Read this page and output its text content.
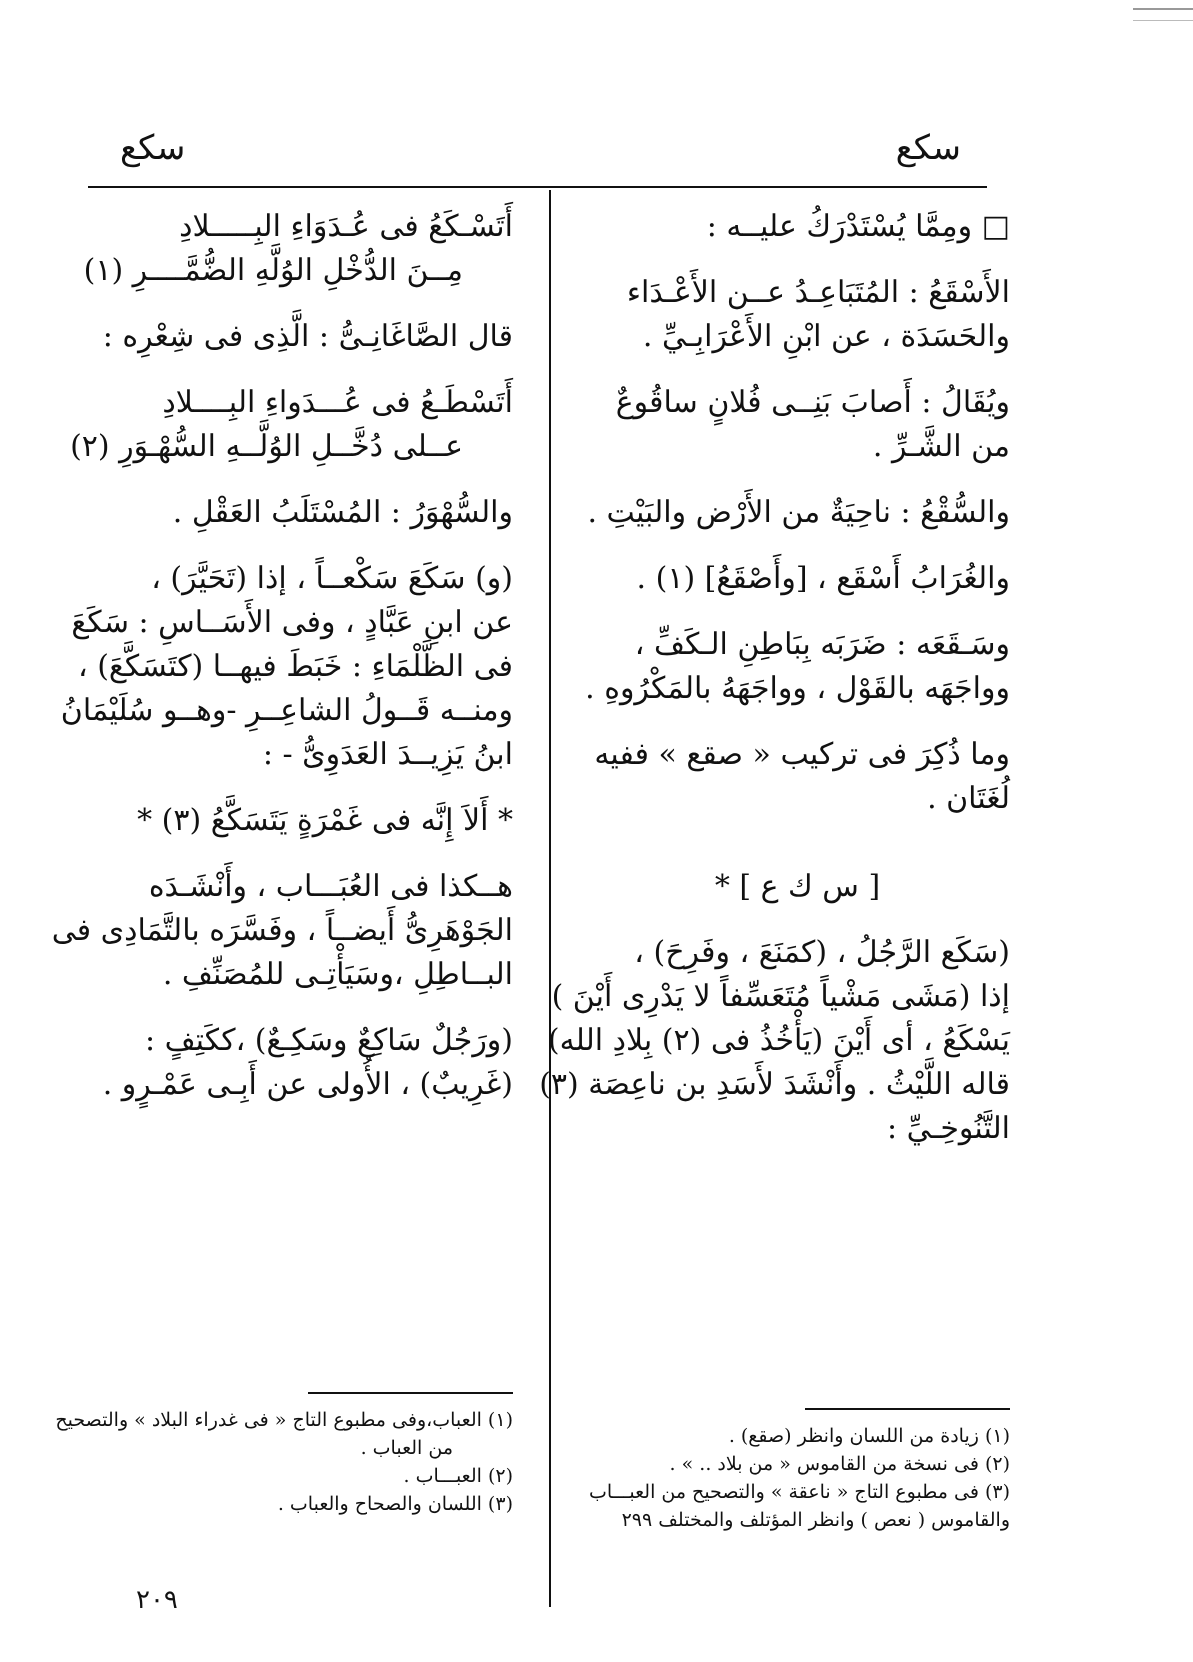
سكع
سكع
□ ومِمَّا يُسْتَدْرَكُ عليــه :
الأَسْقَعُ : المُتَبَاعِـدُ عــن الأَعْـدَاء
والحَسَدَة ، عن ابْنِ الأَعْرَابِـيِّ .
ويُقَالُ : أَصابَ بَنِــى فُلانٍ ساقُوعٌ
من الشَّـرِّ .
والسُّقْعُ : ناحِيَةٌ من الأَرْض والبَيْتِ .
والغُرَابُ أَسْقَع ، [وأَصْقَعُ] (١) .
وسَـقَعَه : ضَرَبَه بِبَاطِنِ الـكَفِّ ،
وواجَهَه بالقَوْل ، وواجَهَهُ بالمَكْرُوهِ .
وما ذُكِرَ فى تركيب « صقع » ففيه
لُغَتَان .
[ س ك ع ] *
(سَكَع الرَّجُلُ ، (كمَنَعَ ، وفَرِحَ) ،
إذا (مَشَى مَشْياً مُتَعَسِّفاً لا يَدْرِى أَيْنَ )
يَسْكَعُ ، أى أَيْنَ (يَأْخُذُ فى (٢) بِلادِ الله)
قاله اللَّيْثُ . وأَنْشَدَ لأَسَدِ بن ناعِصَة (٣)
التَّنُوخِـيِّ :
أَتَسْـكَعُ فى عُـدَوَاءِ البِـــــلادِ
مِــنَ الدُّخْلِ الوُلَّهِ الضُّمَّــــرِ (١)
قال الصَّاغَانِـىُّ : الَّذِى فى شِعْرِه :
أَتَسْطَـعُ فى عُـــدَواءِ البِــــلادِ
عــلى دُخَّــلِ الوُلَّــهِ السُّهْـوَرِ (٢)
والسُّهْوَرُ : المُسْتَلَبُ العَقْلِ .
(و) سَكَعَ سَكْعــاً ، إذا (تَحَيَّرَ) ،
عن ابنِ عَبَّادٍ ، وفى الأَسَــاسِ : سَكَعَ
فى الظَّلْمَاءِ : خَبَطَ فيهــا (كتَسَكَّعَ) ،
ومنــه قَــولُ الشاعِــرِ -وهــو سُلَيْمَانُ
ابنُ يَزِيــدَ العَدَوِىُّ - :
* أَلاَ إِنَّه فى غَمْرَةٍ يَتَسَكَّعُ (٣) *
هــكذا فى العُبَـــاب ، وأَنْشَـدَه
الجَوْهَرِىُّ أَيضــاً ، وفَسَّرَه بالتَّمَادِى فى
البــاطِلِ ،وسَيَأْتِـى للمُصَنِّفِ .
(ورَجُلٌ سَاكِعٌ وسَكِـعٌ) ،ككَتِفٍ :
(غَرِيبٌ) ، الأُولى عن أَبِـى عَمْـرٍو .
(١) زيادة من اللسان وانظر (صقع) .
(٢) فى نسخة من القاموس « من بلاد .. » .
(٣) فى مطبوع التاج « ناعقة » والتصحيح من العبـــاب
والقاموس ( نعص ) وانظر المؤتلف والمختلف ٢٩٩
(١) العباب،وفى مطبوع التاج « فى غدراء البلاد » والتصحيح
من العباب .
(٢) العبـــاب .
(٣) اللسان والصحاح والعباب .
٢٠٩
